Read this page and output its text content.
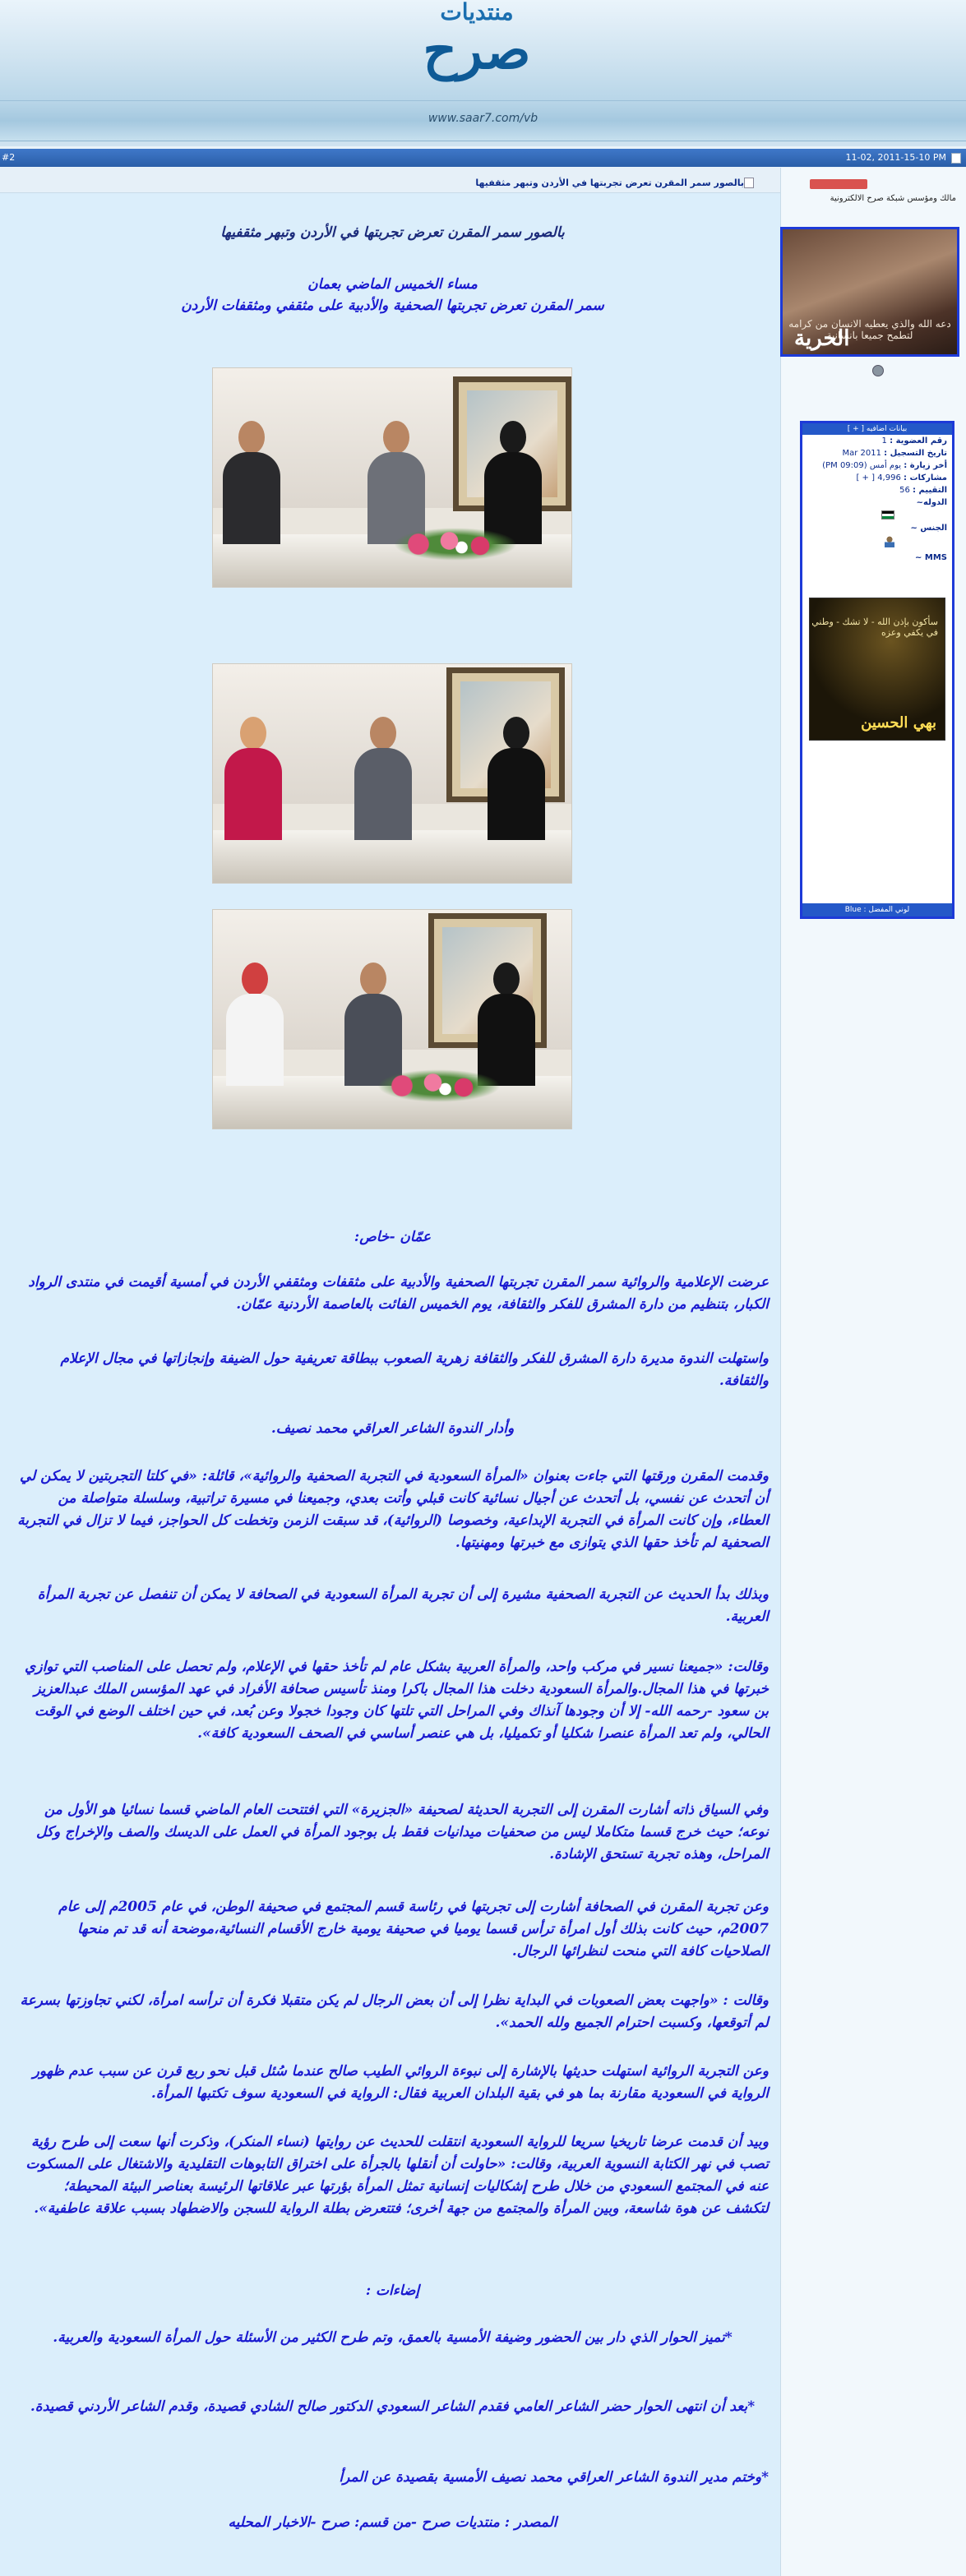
منتديات
صرح
www.saar7.com/vb
#2	11-02, 2011-15-10 PM
بالصور سمر المقرن تعرض تجربتها في الأردن وتبهر مثقفيها
مالك ومؤسس شبكة صرح الالكترونية
دعه الله والذي يعطيه الانسان من كرامه لتطمح جميعا بانسانية
الحرية
بيانات اضافيه [ + ]
رقم العضوية : 1
تاريخ التسجيل : Mar 2011
أخر زيارة : يوم أمس (09:09 PM)
مشاركات : 4,996 [ + ]
التقييم : 56
الدوله~
الجنس ~
MMS ~
سأكون بإذن الله - لا تشك - وطني في يكفي وعزه
بهي الحسين
لوني المفضل : Blue
بالصور سمر المقرن تعرض تجربتها في الأردن وتبهر مثقفيها
مساء الخميس الماضي بعمان
سمر المقرن تعرض تجربتها الصحفية والأدبية على مثقفي ومثقفات الأردن
عمّان -خاص:
عرضت الإعلامية والروائية سمر المقرن تجربتها الصحفية والأدبية على مثقفات ومثقفي الأردن في أمسية أقيمت في منتدى الرواد الكبار، بتنظيم من دارة المشرق للفكر والثقافة، يوم الخميس الفائت بالعاصمة الأردنية عمّان.
واستهلت الندوة مديرة دارة المشرق للفكر والثقافة زهرية الصعوب ببطاقة تعريفية حول الضيفة وإنجازاتها في مجال الإعلام والثقافة.
وأدار الندوة الشاعر العراقي محمد نصيف.
وقدمت المقرن ورقتها التي جاءت بعنوان «المرأة السعودية في التجربة الصحفية والروائية»، قائلة: «في كلتا التجربتين لا يمكن لي أن أتحدث عن نفسي، بل أتحدث عن أجيال نسائية كانت قبلي وأتت بعدي، وجميعنا في مسيرة تراتبية، وسلسلة متواصلة من العطاء، وإن كانت المرأة في التجربة الإبداعية، وخصوصا (الروائية)، قد سبقت الزمن وتخطت كل الحواجز، فيما لا تزال في التجربة الصحفية لم تأخذ حقها الذي يتوازى مع خبرتها ومهنيتها.
وبذلك بدأ الحديث عن التجربة الصحفية مشيرة إلى أن تجربة المرأة السعودية في الصحافة لا يمكن أن تنفصل عن تجربة المرأة العربية.
وقالت: «جميعنا نسير في مركب واحد، والمرأة العربية بشكل عام لم تأخذ حقها في الإعلام، ولم تحصل على المناصب التي توازي خبرتها في هذا المجال.والمرأة السعودية دخلت هذا المجال باكرا ومنذ تأسيس صحافة الأفراد في عهد المؤسس الملك عبدالعزيز بن سعود -رحمه الله- إلا أن وجودها آنذاك وفي المراحل التي تلتها كان وجودا خجولا وعن بُعد، في حين اختلف الوضع في الوقت الحالي، ولم تعد المرأة عنصرا شكليا أو تكميليا، بل هي عنصر أساسي في الصحف السعودية كافة».
وفي السياق ذاته أشارت المقرن إلى التجربة الحديثة لصحيفة «الجزيرة» التي افتتحت العام الماضي قسما نسائيا هو الأول من نوعه؛ حيث خرج قسما متكاملا ليس من صحفيات ميدانيات فقط بل بوجود المرأة في العمل على الديسك والصف والإخراج وكل المراحل، وهذه تجربة تستحق الإشادة.
وعن تجربة المقرن في الصحافة أشارت إلى تجربتها في رئاسة قسم المجتمع في صحيفة الوطن، في عام 2005م إلى عام 2007م، حيث كانت بذلك أول امرأة ترأس قسما يوميا في صحيفة يومية خارج الأقسام النسائية،موضحة أنه قد تم منحها الصلاحيات كافة التي منحت لنظرائها الرجال.
وقالت : «واجهت بعض الصعوبات في البداية نظرا إلى أن بعض الرجال لم يكن متقبلا فكرة أن ترأسه امرأة، لكني تجاوزتها بسرعة لم أتوقعها، وكسبت احترام الجميع ولله الحمد».
وعن التجربة الروائية استهلت حديثها بالإشارة إلى نبوءة الروائي الطيب صالح عندما سُئل قبل نحو ربع قرن عن سبب عدم ظهور الرواية في السعودية مقارنة بما هو في بقية البلدان العربية فقال: الرواية في السعودية سوف تكتبها المرأة.
وبيد أن قدمت عرضا تاريخيا سريعا للرواية السعودية انتقلت للحديث عن روايتها (نساء المنكر)، وذكرت أنها سعت إلى طرح رؤية تصب في نهر الكتابة النسوية العربية، وقالت: «حاولت أن أنقلها بالجرأة على اختراق التابوهات التقليدية والاشتغال على المسكوت عنه في المجتمع السعودي من خلال طرح إشكاليات إنسانية تمثل المرأة بؤرتها عبر علاقاتها الرئيسة بعناصر البيئة المحيطة؛ لتكشف عن هوة شاسعة، وبين المرأة والمجتمع من جهة أخرى؛ فتتعرض بطلة الرواية للسجن والاضطهاد بسبب علاقة عاطفية».
إضاءات :
*تميز الحوار الذي دار بين الحضور وضيفة الأمسية بالعمق، وتم طرح الكثير من الأسئلة حول المرأة السعودية والعربية.
*بعد أن انتهى الحوار حضر الشاعر العامي فقدم الشاعر السعودي الدكتور صالح الشادي قصيدة، وقدم الشاعر الأردني قصيدة.
*وختم مدير الندوة الشاعر العراقي محمد نصيف الأمسية بقصيدة عن المرأ
المصدر : منتديات صرح -من قسم: صرح -الاخبار المحليه
